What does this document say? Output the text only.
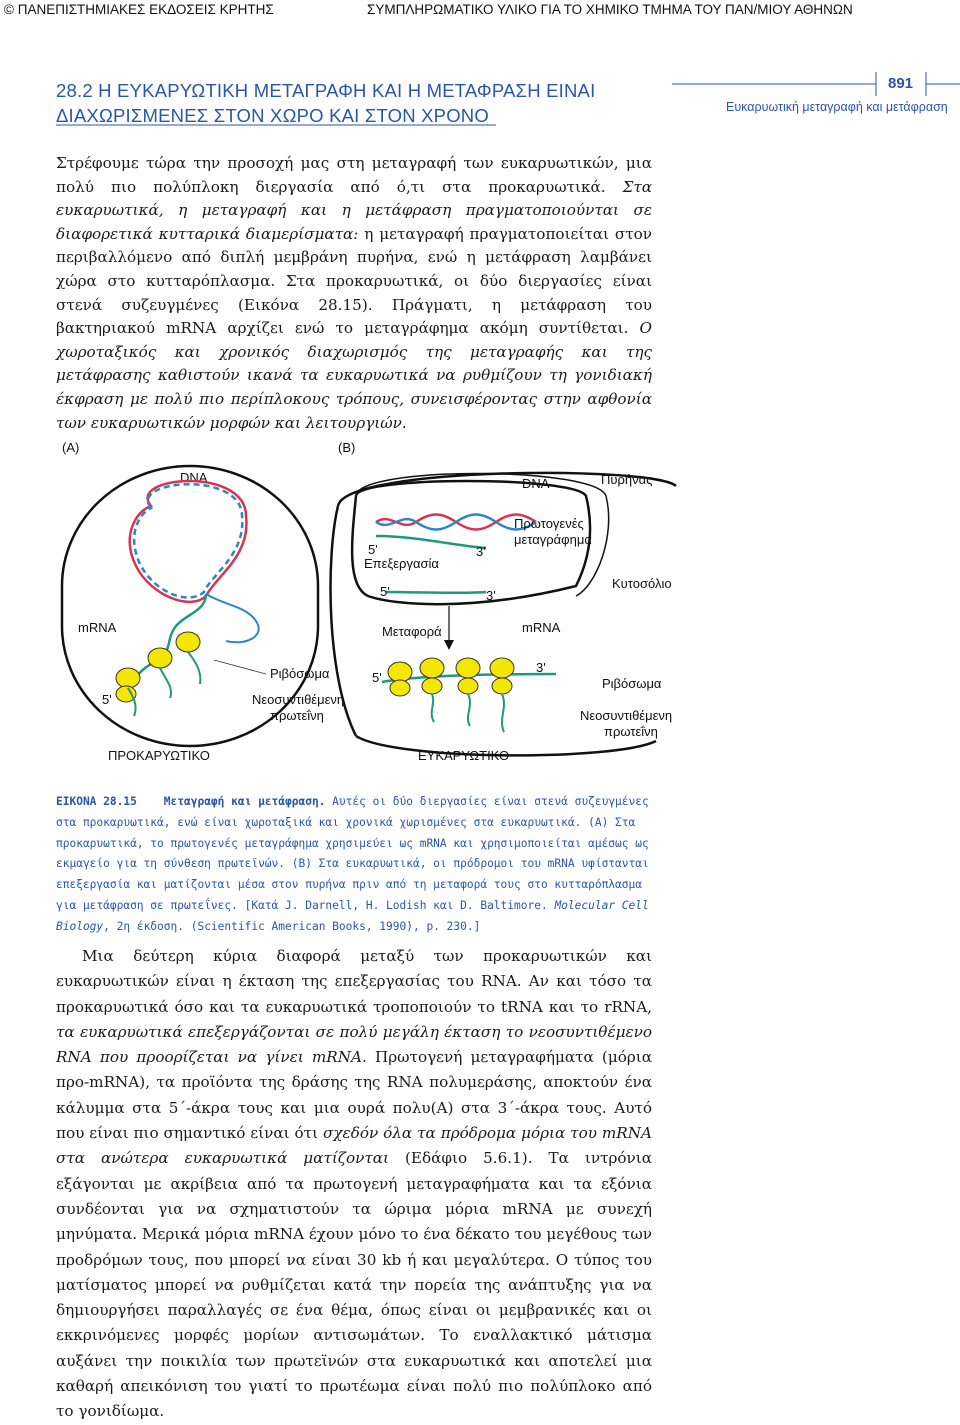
© ΠΑΝΕΠΙΣΤΗΜΙΑΚΕΣ ΕΚΔΟΣΕΙΣ ΚΡΗΤΗΣ	ΣΥΜΠΛΗΡΩΜΑΤΙΚΟ ΥΛΙΚΟ ΓΙΑ ΤΟ ΧΗΜΙΚΟ ΤΜΗΜΑ ΤΟΥ ΠΑΝ/ΜΙΟΥ ΑΘΗΝΩΝ
28.2 Η ΕΥΚΑΡΥΩΤΙΚΗ ΜΕΤΑΓΡΑΦΗ ΚΑΙ Η ΜΕΤΑΦΡΑΣΗ ΕΙΝΑΙ
ΔΙΑΧΩΡΙΣΜΕΝΕΣ ΣΤΟΝ ΧΩΡΟ ΚΑΙ ΣΤΟΝ ΧΡΟΝΟ
891
Ευκαρυωτική μεταγραφή και μετάφραση
Στρέφουμε τώρα την προσοχή μας στη μεταγραφή των ευκαρυωτικών, μια πολύ πιο πολύπλοκη διεργασία από ό,τι στα προκαρυωτικά. Στα ευκαρυωτικά, η μεταγραφή και η μετάφραση πραγματοποιούνται σε διαφορετικά κυτταρικά διαμερίσματα: η μεταγραφή πραγματοποιείται στον περιβαλλόμενο από διπλή μεμβράνη πυρήνα, ενώ η μετάφραση λαμβάνει χώρα στο κυτταρόπλασμα. Στα προκαρυωτικά, οι δύο διεργασίες είναι στενά συζευγμένες (Εικόνα 28.15). Πράγματι, η μετάφραση του βακτηριακού mRNA αρχίζει ενώ το μεταγράφημα ακόμη συντίθεται. Ο χωροταξικός και χρονικός διαχωρισμός της μεταγραφής και της μετάφρασης καθιστούν ικανά τα ευκαρυωτικά να ρυθμίζουν τη γονιδιακή έκφραση με πολύ πιο περίπλοκους τρόπους, συνεισφέροντας στην αφθονία των ευκαρυωτικών μορφών και λειτουργιών.
(A)
DNA
mRNA
5'
Ριβόσωμα
Νεοσυντιθέμενη
πρωτεΐνη
ΠΡΟΚΑΡΥΩΤΙΚΟ
(B)
DNA	Πυρήνας
Πρωτογενές
μεταγράφημα
5'	3'
Επεξεργασία
5'	3'
Κυτοσόλιο
Μεταφορά	mRNA
5'
3'
Ριβόσωμα
Νεοσυντιθέμενη
πρωτεΐνη
ΕΥΚΑΡΥΩΤΙΚΟ
ΕΙΚΟΝΑ 28.15 Μεταγραφή και μετάφραση. Αυτές οι δύο διεργασίες είναι στενά συζευγμένες στα προκαρυωτικά, ενώ είναι χωροταξικά και χρονικά χωρισμένες στα ευκαρυωτικά. (A) Στα προκαρυωτικά, το πρωτογενές μεταγράφημα χρησιμεύει ως mRNA και χρησιμοποιείται αμέσως ως εκμαγείο για τη σύνθεση πρωτεϊνών. (B) Στα ευκαρυωτικά, οι πρόδρομοι του mRNA υφίστανται επεξεργασία και ματίζονται μέσα στον πυρήνα πριν από τη μεταφορά τους στο κυτταρόπλασμα για μετάφραση σε πρωτεΐνες. [Κατά J. Darnell, H. Lodish και D. Baltimore. Molecular Cell Biology, 2η έκδοση. (Scientific American Books, 1990), p. 230.]
Μια δεύτερη κύρια διαφορά μεταξύ των προκαρυωτικών και ευκαρυωτικών είναι η έκταση της επεξεργασίας του RNA. Αν και τόσο τα προκαρυωτικά όσο και τα ευκαρυωτικά τροποποιούν το tRNA και το rRNA, τα ευκαρυωτικά επεξεργάζονται σε πολύ μεγάλη έκταση το νεοσυντιθέμενο RNA που προορίζεται να γίνει mRNA. Πρωτογενή μεταγραφήματα (μόρια προ-mRNA), τα προϊόντα της δράσης της RNA πολυμεράσης, αποκτούν ένα κάλυμμα στα 5΄-άκρα τους και μια ουρά πολυ(A) στα 3΄-άκρα τους. Αυτό που είναι πιο σημαντικό είναι ότι σχεδόν όλα τα πρόδρομα μόρια του mRNA στα ανώτερα ευκαρυωτικά ματίζονται (Εδάφιο 5.6.1). Τα ιντρόνια εξάγονται με ακρίβεια από τα πρωτογενή μεταγραφήματα και τα εξόνια συνδέονται για να σχηματιστούν τα ώριμα μόρια mRNA με συνεχή μηνύματα. Μερικά μόρια mRNA έχουν μόνο το ένα δέκατο του μεγέθους των προδρόμων τους, που μπορεί να είναι 30 kb ή και μεγαλύτερα. Ο τύπος του ματίσματος μπορεί να ρυθμίζεται κατά την πορεία της ανάπτυξης για να δημιουργήσει παραλλαγές σε ένα θέμα, όπως είναι οι μεμβρανικές και οι εκκρινόμενες μορφές μορίων αντισωμάτων. Το εναλλακτικό μάτισμα αυξάνει την ποικιλία των πρωτεϊνών στα ευκαρυωτικά και αποτελεί μια καθαρή απεικόνιση του γιατί το πρωτέωμα είναι πολύ πιο πολύπλοκο από το γονιδίωμα.
